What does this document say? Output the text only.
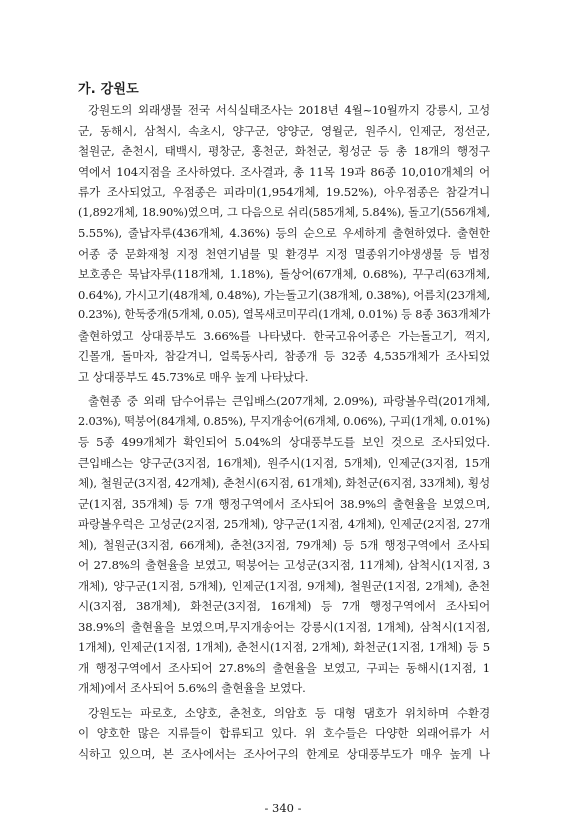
가. 강원도
강원도의 외래생물 전국 서식실태조사는 2018년 4월~10월까지 강릉시, 고성
군, 동해시, 삼척시, 속초시, 양구군, 양양군, 영월군, 원주시, 인제군, 정선군,
철원군, 춘천시, 태백시, 평창군, 홍천군, 화천군, 횡성군 등 총 18개의 행정구
역에서 104지점을 조사하였다. 조사결과, 총 11목 19과 86종 10,010개체의 어
류가 조사되었고, 우점종은 피라미(1,954개체, 19.52%), 아우점종은 참갈겨니
(1,892개체, 18.90%)였으며, 그 다음으로 쉬리(585개체, 5.84%), 돌고기(556개체,
5.55%), 줄납자루(436개체, 4.36%) 등의 순으로 우세하게 출현하였다. 출현한
어종 중 문화재청 지정 천연기념물 및 환경부 지정 멸종위기야생생물 등 법정
보호종은 묵납자루(118개체, 1.18%), 돌상어(67개체, 0.68%), 꾸구리(63개체,
0.64%), 가시고기(48개체, 0.48%), 가는돌고기(38개체, 0.38%), 어름치(23개체,
0.23%), 한둑중개(5개체, 0.05), 열목새코미꾸리(1개체, 0.01%) 등 8종 363개체가
출현하였고 상대풍부도 3.66%를 나타냈다. 한국고유어종은 가는돌고기, 꺽지,
긴몰개, 돌마자, 참갈겨니, 얼룩동사리, 참종개 등 32종 4,535개체가 조사되었
고 상대풍부도 45.73%로 매우 높게 나타났다.
출현종 중 외래 담수어류는 큰입배스(207개체, 2.09%), 파랑볼우럭(201개체,
2.03%), 떡붕어(84개체, 0.85%), 무지개송어(6개체, 0.06%), 구피(1개체, 0.01%)
등 5종 499개체가 확인되어 5.04%의 상대풍부도를 보인 것으로 조사되었다.
큰입배스는 양구군(3지점, 16개체), 원주시(1지점, 5개체), 인제군(3지점, 15개
체), 철원군(3지점, 42개체), 춘천시(6지점, 61개체), 화천군(6지점, 33개체), 횡성
군(1지점, 35개체) 등 7개 행정구역에서 조사되어 38.9%의 출현율을 보였으며,
파랑볼우럭은 고성군(2지점, 25개체), 양구군(1지점, 4개체), 인제군(2지점, 27개
체), 철원군(3지점, 66개체), 춘천(3지점, 79개체) 등 5개 행정구역에서 조사되
어 27.8%의 출현율을 보였고, 떡붕어는 고성군(3지점, 11개체), 삼척시(1지점, 3
개체), 양구군(1지점, 5개체), 인제군(1지점, 9개체), 철원군(1지점, 2개체), 춘천
시(3지점, 38개체), 화천군(3지점, 16개체) 등 7개 행정구역에서 조사되어
38.9%의 출현율을 보였으며,무지개송어는 강릉시(1지점, 1개체), 삼척시(1지점,
1개체), 인제군(1지점, 1개체), 춘천시(1지점, 2개체), 화천군(1지점, 1개체) 등 5
개 행정구역에서 조사되어 27.8%의 출현율을 보였고, 구피는 동해시(1지점, 1
개체)에서 조사되어 5.6%의 출현율을 보였다.
강원도는 파로호, 소양호, 춘천호, 의암호 등 대형 댐호가 위치하며 수환경
이 양호한 많은 지류들이 합류되고 있다. 위 호수들은 다양한 외래어류가 서
식하고 있으며, 본 조사에서는 조사어구의 한계로 상대풍부도가 매우 높게 나
- 340 -
